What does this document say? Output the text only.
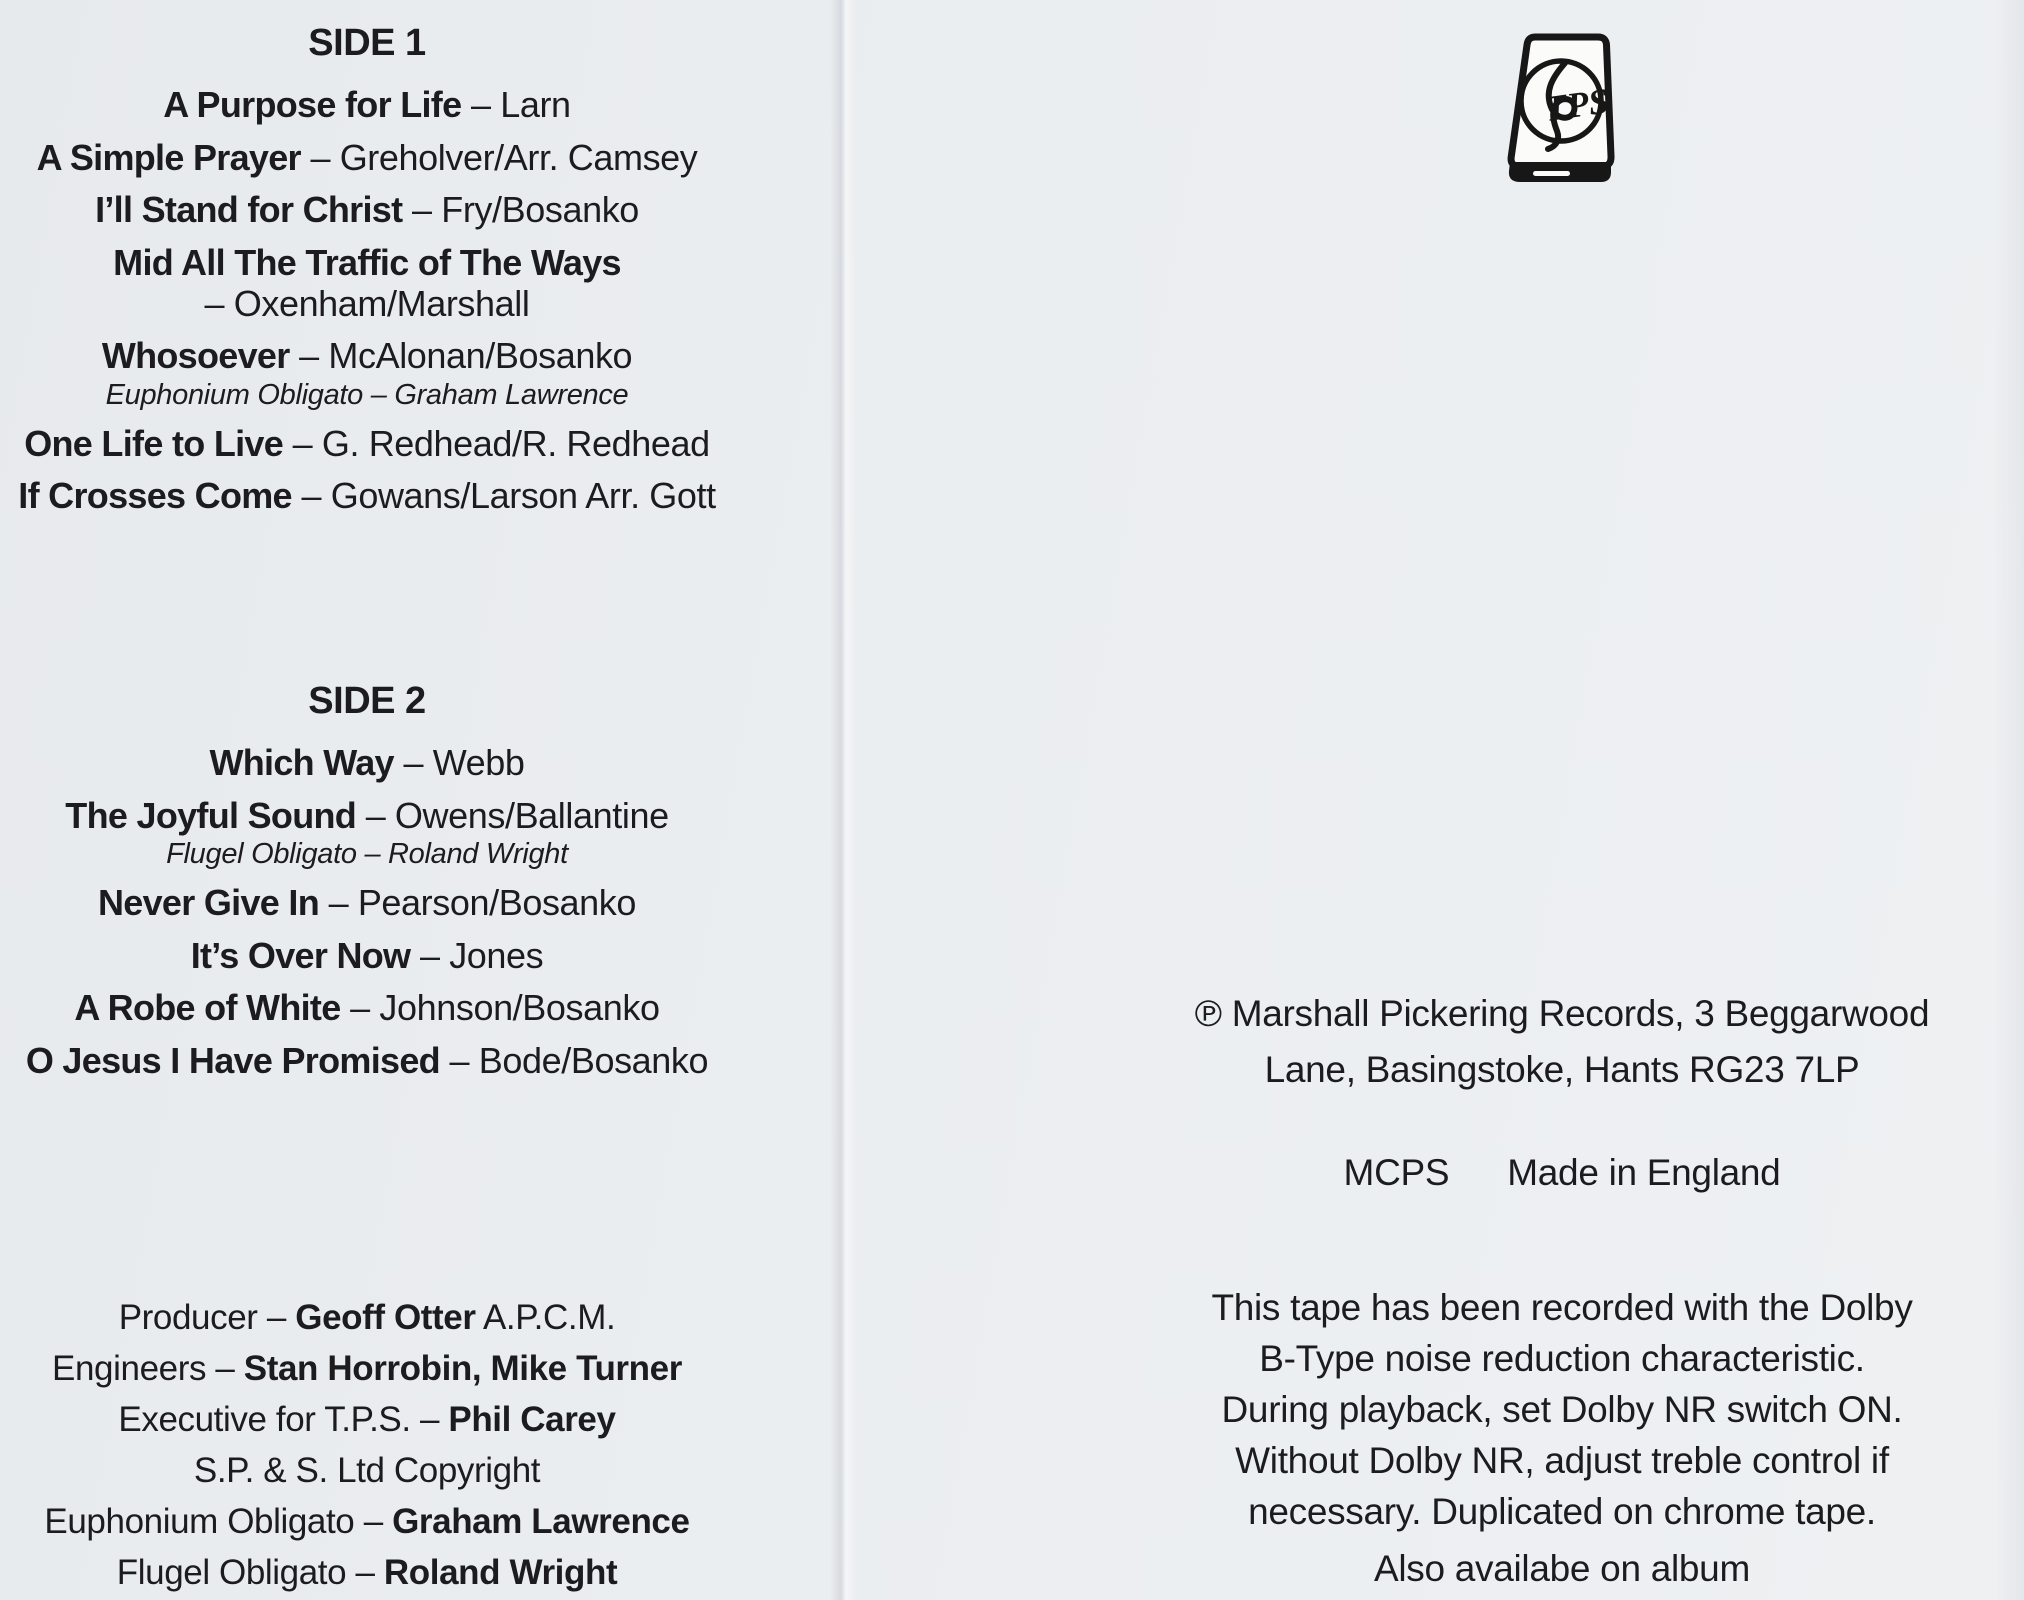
SIDE 1
A Purpose for Life – Larn
A Simple Prayer – Greholver/Arr. Camsey
I’ll Stand for Christ – Fry/Bosanko
Mid All The Traffic of The Ways
– Oxenham/Marshall
Whosoever – McAlonan/Bosanko
Euphonium Obligato – Graham Lawrence
One Life to Live – G. Redhead/R. Redhead
If Crosses Come – Gowans/Larson Arr. Gott
SIDE 2
Which Way – Webb
The Joyful Sound – Owens/Ballantine
Flugel Obligato – Roland Wright
Never Give In – Pearson/Bosanko
It’s Over Now – Jones
A Robe of White – Johnson/Bosanko
O Jesus I Have Promised – Bode/Bosanko
Producer – Geoff Otter A.P.C.M.
Engineers – Stan Horrobin, Mike Turner
Executive for T.P.S. – Phil Carey
S.P. & S. Ltd Copyright
Euphonium Obligato – Graham Lawrence
Flugel Obligato – Roland Wright
TPS
℗ Marshall Pickering Records, 3 Beggarwood
Lane, Basingstoke, Hants RG23 7LP
MCPS Made in England
This tape has been recorded with the Dolby
B-Type noise reduction characteristic.
During playback, set Dolby NR switch ON.
Without Dolby NR, adjust treble control if
necessary. Duplicated on chrome tape.
Also availabe on album
